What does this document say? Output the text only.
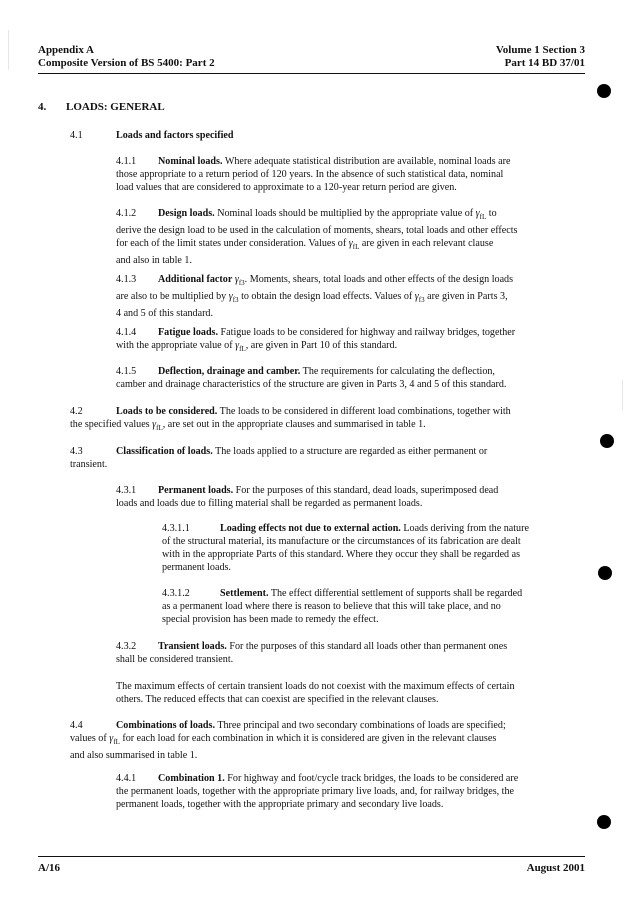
Appendix A
Composite Version of BS 5400: Part 2
Volume 1 Section 3
Part 14 BD 37/01
4. LOADS: GENERAL
4.1	Loads and factors specified

4.1.1 Nominal loads. Where adequate statistical distribution are available, nominal loads are

those appropriate to a return period of 120 years. In the absence of such statistical data, nominal

load values that are considered to approximate to a 120-year return period are given.

4.1.2 Design loads. Nominal loads should be multiplied by the appropriate value of $\gamma_{fL}$ to

derive the design load to be used in the calculation of moments, shears, total loads and other effects

for each of the limit states under consideration. Values of $\gamma_{fL}$ are given in each relevant clause

and also in table 1.

4.1.3 Additional factor $\gamma_{f3}$. Moments, shears, total loads and other effects of the design loads

are also to be multiplied by $\gamma_{f3}$ to obtain the design load effects. Values of $\gamma_{f3}$ are given in Parts 3,

4 and 5 of this standard.

4.1.4 Fatigue loads. Fatigue loads to be considered for highway and railway bridges, together

with the appropriate value of $\gamma_{fL}$, are given in Part 10 of this standard.

4.1.5 Deflection, drainage and camber. The requirements for calculating the deflection,

camber and drainage characteristics of the structure are given in Parts 3, 4 and 5 of this standard.

4.2	Loads to be considered. The loads to be considered in different load combinations, together with

the specified values $\gamma_{fL}$, are set out in the appropriate clauses and summarised in table 1.

4.3	Classification of loads. The loads applied to a structure are regarded as either permanent or

transient.

4.3.1 Permanent loads. For the purposes of this standard, dead loads, superimposed dead

loads and loads due to filling material shall be regarded as permanent loads.

4.3.1.1	Loading effects not due to external action. Loads deriving from the nature

of the structural material, its manufacture or the circumstances of its fabrication are dealt

with in the appropriate Parts of this standard. Where they occur they shall be regarded as

permanent loads.

4.3.1.2	Settlement. The effect differential settlement of supports shall be regarded

as a permanent load where there is reason to believe that this will take place, and no

special provision has been made to remedy the effect.

4.3.2 Transient loads. For the purposes of this standard all loads other than permanent ones

shall be considered transient.

The maximum effects of certain transient loads do not coexist with the maximum effects of certain

others. The reduced effects that can coexist are specified in the relevant clauses.

4.4	Combinations of loads. Three principal and two secondary combinations of loads are specified;

values of $\gamma_{fL}$ for each load for each combination in which it is considered are given in the relevant clauses

and also summarised in table 1.

4.4.1 Combination 1. For highway and foot/cycle track bridges, the loads to be considered are

the permanent loads, together with the appropriate primary live loads, and, for railway bridges, the

permanent loads, together with the appropriate primary and secondary live loads.

A/16	August 2001
